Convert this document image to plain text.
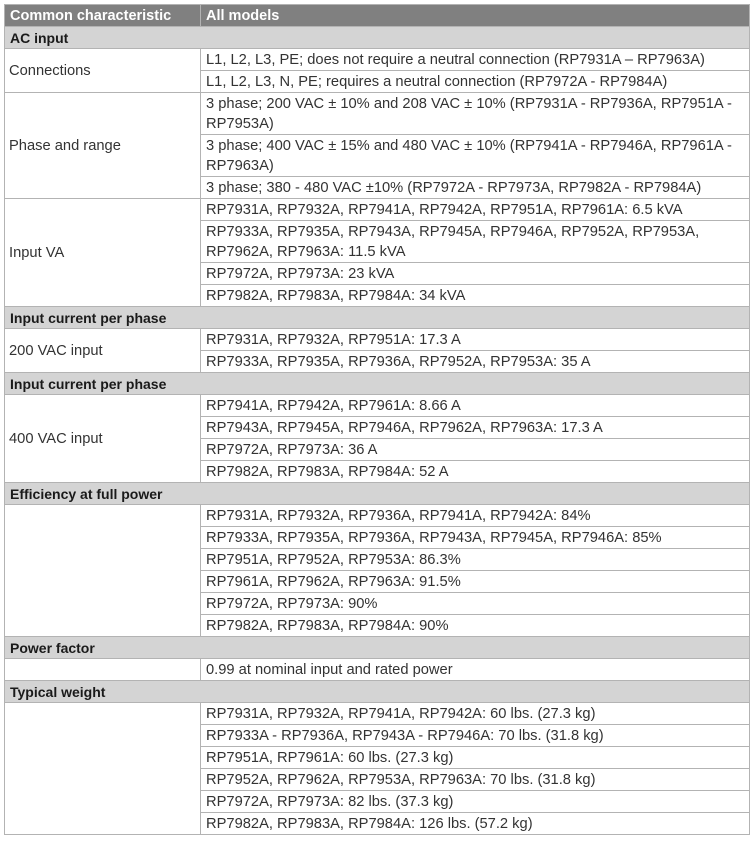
Common characteristic	All models
AC input	
Connections	L1, L2, L3, PE; does not require a neutral connection (RP7931A – RP7963A)
	L1, L2, L3, N, PE; requires a neutral connection (RP7972A - RP7984A)
Phase and range	3 phase; 200 VAC ± 10% and 208 VAC ± 10% (RP7931A - RP7936A, RP7951A - RP7953A)
	3 phase; 400 VAC ± 15% and 480 VAC ± 10% (RP7941A - RP7946A, RP7961A - RP7963A)
	3 phase; 380 - 480 VAC ±10% (RP7972A - RP7973A, RP7982A - RP7984A)
Input VA	RP7931A, RP7932A, RP7941A, RP7942A, RP7951A, RP7961A: 6.5 kVA
	RP7933A, RP7935A, RP7943A, RP7945A, RP7946A, RP7952A, RP7953A, RP7962A, RP7963A: 11.5 kVA
	RP7972A, RP7973A: 23 kVA
	RP7982A, RP7983A, RP7984A: 34 kVA
Input current per phase	
200 VAC input	RP7931A, RP7932A, RP7951A: 17.3 A
	RP7933A, RP7935A, RP7936A, RP7952A, RP7953A: 35 A
Input current per phase	
400 VAC input	RP7941A, RP7942A, RP7961A: 8.66 A
	RP7943A, RP7945A, RP7946A, RP7962A, RP7963A: 17.3 A
	RP7972A, RP7973A: 36 A
	RP7982A, RP7983A, RP7984A: 52 A
Efficiency at full power	
	RP7931A, RP7932A, RP7936A, RP7941A, RP7942A: 84%
	RP7933A, RP7935A, RP7936A, RP7943A, RP7945A, RP7946A: 85%
	RP7951A, RP7952A, RP7953A: 86.3%
	RP7961A, RP7962A, RP7963A: 91.5%
	RP7972A, RP7973A: 90%
	RP7982A, RP7983A, RP7984A: 90%
Power factor	
	0.99 at nominal input and rated power
Typical weight	
	RP7931A, RP7932A, RP7941A, RP7942A: 60 lbs. (27.3 kg)
	RP7933A - RP7936A, RP7943A - RP7946A: 70 lbs. (31.8 kg)
	RP7951A, RP7961A: 60 lbs. (27.3 kg)
	RP7952A, RP7962A, RP7953A, RP7963A: 70 lbs. (31.8 kg)
	RP7972A, RP7973A: 82 lbs. (37.3 kg)
	RP7982A, RP7983A, RP7984A: 126 lbs. (57.2 kg)
